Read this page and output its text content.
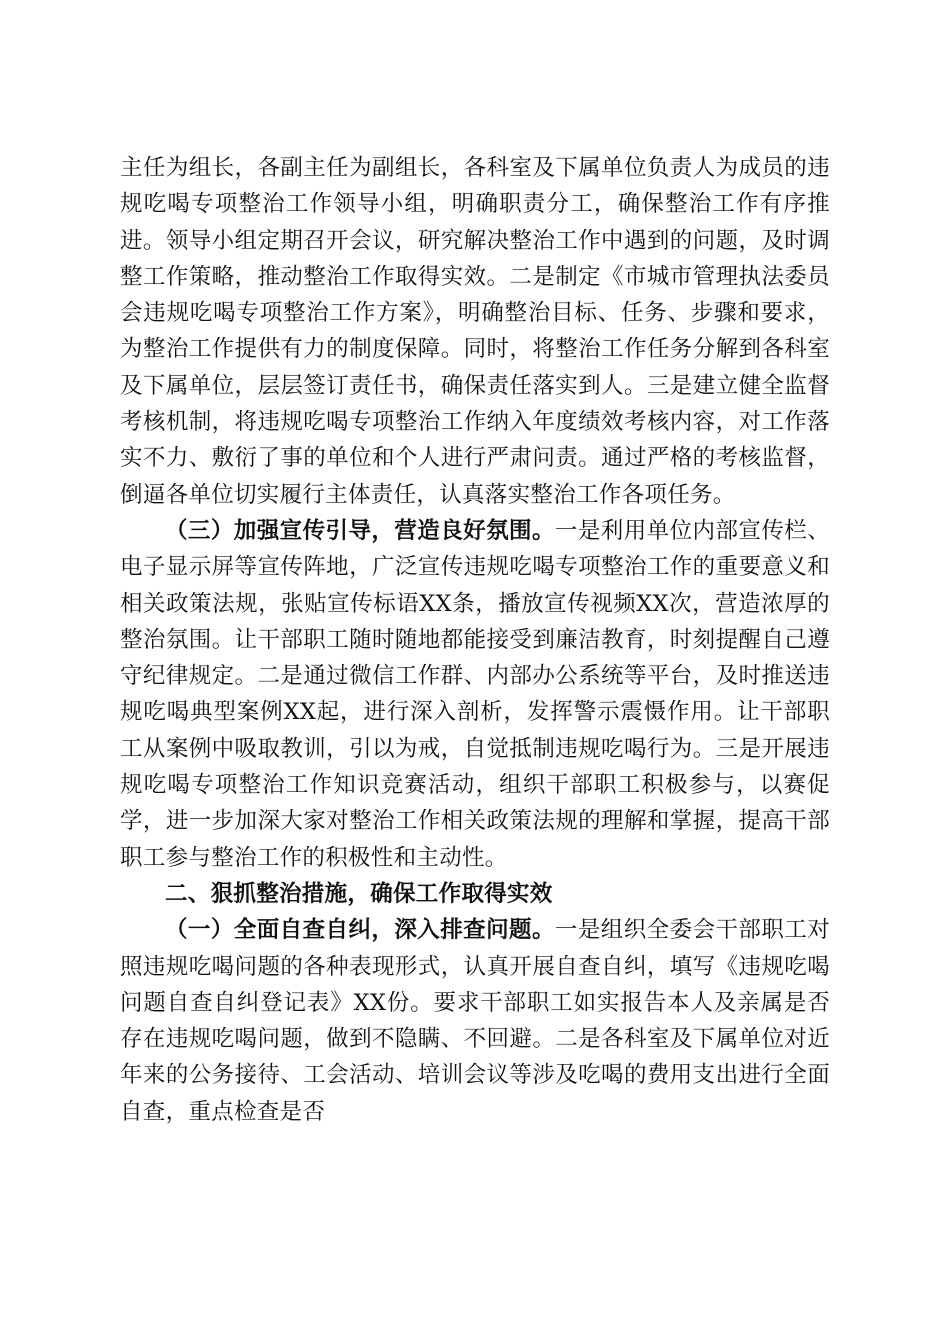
主任为组长，各副主任为副组长，各科室及下属单位负责人为成员的违规吃喝专项整治工作领导小组，明确职责分工，确保整治工作有序推进。领导小组定期召开会议，研究解决整治工作中遇到的问题，及时调整工作策略，推动整治工作取得实效。二是制定《市城市管理执法委员会违规吃喝专项整治工作方案》，明确整治目标、任务、步骤和要求，为整治工作提供有力的制度保障。同时，将整治工作任务分解到各科室及下属单位，层层签订责任书，确保责任落实到人。三是建立健全监督考核机制，将违规吃喝专项整治工作纳入年度绩效考核内容，对工作落实不力、敷衍了事的单位和个人进行严肃问责。通过严格的考核监督，倒逼各单位切实履行主体责任，认真落实整治工作各项任务。

（三）加强宣传引导，营造良好氛围。一是利用单位内部宣传栏、电子显示屏等宣传阵地，广泛宣传违规吃喝专项整治工作的重要意义和相关政策法规，张贴宣传标语XX条，播放宣传视频XX次，营造浓厚的整治氛围。让干部职工随时随地都能接受到廉洁教育，时刻提醒自己遵守纪律规定。二是通过微信工作群、内部办公系统等平台，及时推送违规吃喝典型案例XX起，进行深入剖析，发挥警示震慑作用。让干部职工从案例中吸取教训，引以为戒，自觉抵制违规吃喝行为。三是开展违规吃喝专项整治工作知识竞赛活动，组织干部职工积极参与，以赛促学，进一步加深大家对整治工作相关政策法规的理解和掌握，提高干部职工参与整治工作的积极性和主动性。

二、狠抓整治措施，确保工作取得实效

（一）全面自查自纠，深入排查问题。一是组织全委会干部职工对照违规吃喝问题的各种表现形式，认真开展自查自纠，填写《违规吃喝问题自查自纠登记表》XX份。要求干部职工如实报告本人及亲属是否存在违规吃喝问题，做到不隐瞒、不回避。二是各科室及下属单位对近年来的公务接待、工会活动、培训会议等涉及吃喝的费用支出进行全面自查，重点检查是否
